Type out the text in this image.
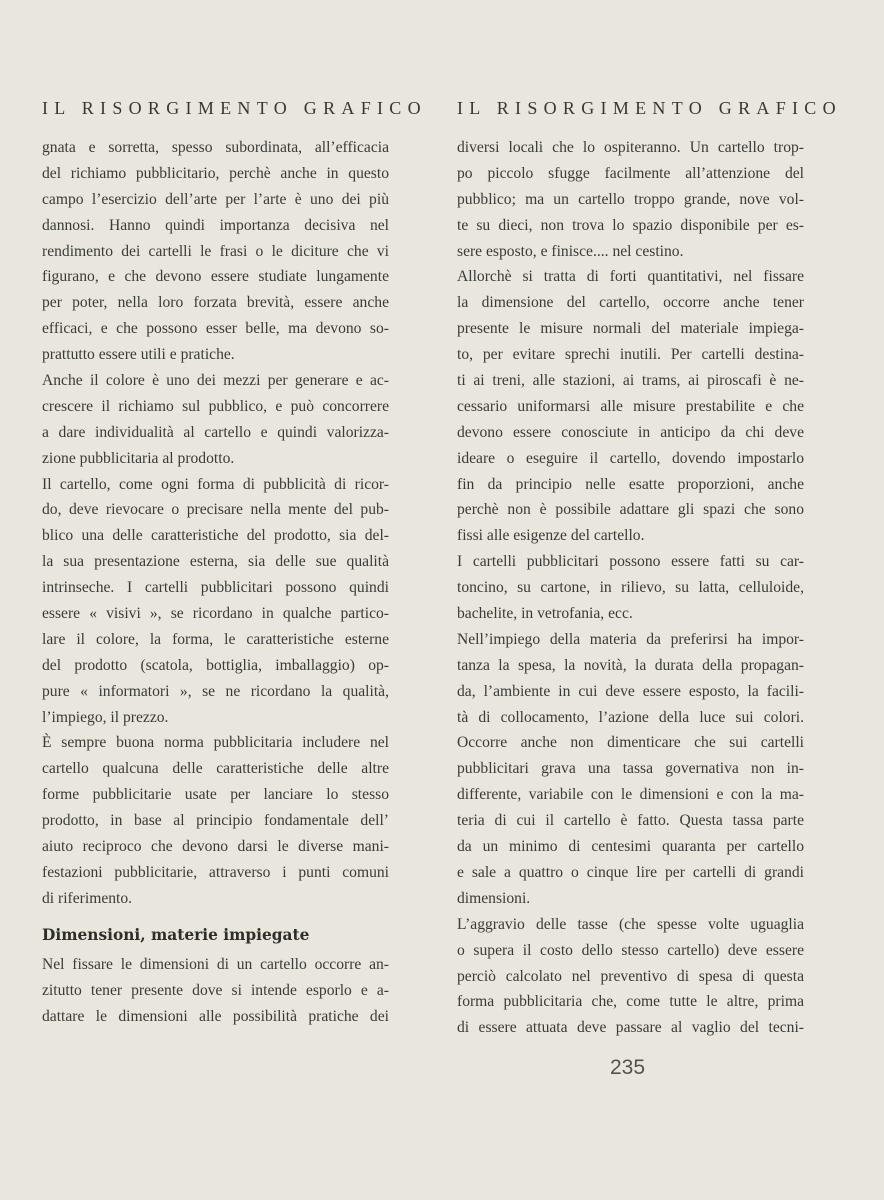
IL RISORGIMENTO GRAFICO
gnata e sorretta, spesso subordinata, all’efficacia
del richiamo pubblicitario, perchè anche in questo
campo l’esercizio dell’arte per l’arte è uno dei più
dannosi. Hanno quindi importanza decisiva nel
rendimento dei cartelli le frasi o le diciture che vi
figurano, e che devono essere studiate lungamente
per poter, nella loro forzata brevità, essere anche
efficaci, e che possono esser belle, ma devono so-
prattutto essere utili e pratiche.
Anche il colore è uno dei mezzi per generare e ac-
crescere il richiamo sul pubblico, e può concorrere
a dare individualità al cartello e quindi valorizza-
zione pubblicitaria al prodotto.
Il cartello, come ogni forma di pubblicità di ricor-
do, deve rievocare o precisare nella mente del pub-
blico una delle caratteristiche del prodotto, sia del-
la sua presentazione esterna, sia delle sue qualità
intrinseche. I cartelli pubblicitari possono quindi
essere « visivi », se ricordano in qualche partico-
lare il colore, la forma, le caratteristiche esterne
del prodotto (scatola, bottiglia, imballaggio) op-
pure « informatori », se ne ricordano la qualità,
l’impiego, il prezzo.
È sempre buona norma pubblicitaria includere nel
cartello qualcuna delle caratteristiche delle altre
forme pubblicitarie usate per lanciare lo stesso
prodotto, in base al principio fondamentale dell’
aiuto reciproco che devono darsi le diverse mani-
festazioni pubblicitarie, attraverso i punti comuni
di riferimento.
Dimensioni, materie impiegate
Nel fissare le dimensioni di un cartello occorre an-
zitutto tener presente dove si intende esporlo e a-
dattare le dimensioni alle possibilità pratiche dei
IL RISORGIMENTO GRAFICO
diversi locali che lo ospiteranno. Un cartello trop-
po piccolo sfugge facilmente all’attenzione del
pubblico; ma un cartello troppo grande, nove vol-
te su dieci, non trova lo spazio disponibile per es-
sere esposto, e finisce.... nel cestino.
Allorchè si tratta di forti quantitativi, nel fissare
la dimensione del cartello, occorre anche tener
presente le misure normali del materiale impiega-
to, per evitare sprechi inutili. Per cartelli destina-
ti ai treni, alle stazioni, ai trams, ai piroscafi è ne-
cessario uniformarsi alle misure prestabilite e che
devono essere conosciute in anticipo da chi deve
ideare o eseguire il cartello, dovendo impostarlo
fin da principio nelle esatte proporzioni, anche
perchè non è possibile adattare gli spazi che sono
fissi alle esigenze del cartello.
I cartelli pubblicitari possono essere fatti su car-
toncino, su cartone, in rilievo, su latta, celluloide,
bachelite, in vetrofania, ecc.
Nell’impiego della materia da preferirsi ha impor-
tanza la spesa, la novità, la durata della propagan-
da, l’ambiente in cui deve essere esposto, la facili-
tà di collocamento, l’azione della luce sui colori.
Occorre anche non dimenticare che sui cartelli
pubblicitari grava una tassa governativa non in-
differente, variabile con le dimensioni e con la ma-
teria di cui il cartello è fatto. Questa tassa parte
da un minimo di centesimi quaranta per cartello
e sale a quattro o cinque lire per cartelli di grandi
dimensioni.
L’aggravio delle tasse (che spesse volte uguaglia
o supera il costo dello stesso cartello) deve essere
perciò calcolato nel preventivo di spesa di questa
forma pubblicitaria che, come tutte le altre, prima
di essere attuata deve passare al vaglio del tecni-
235
